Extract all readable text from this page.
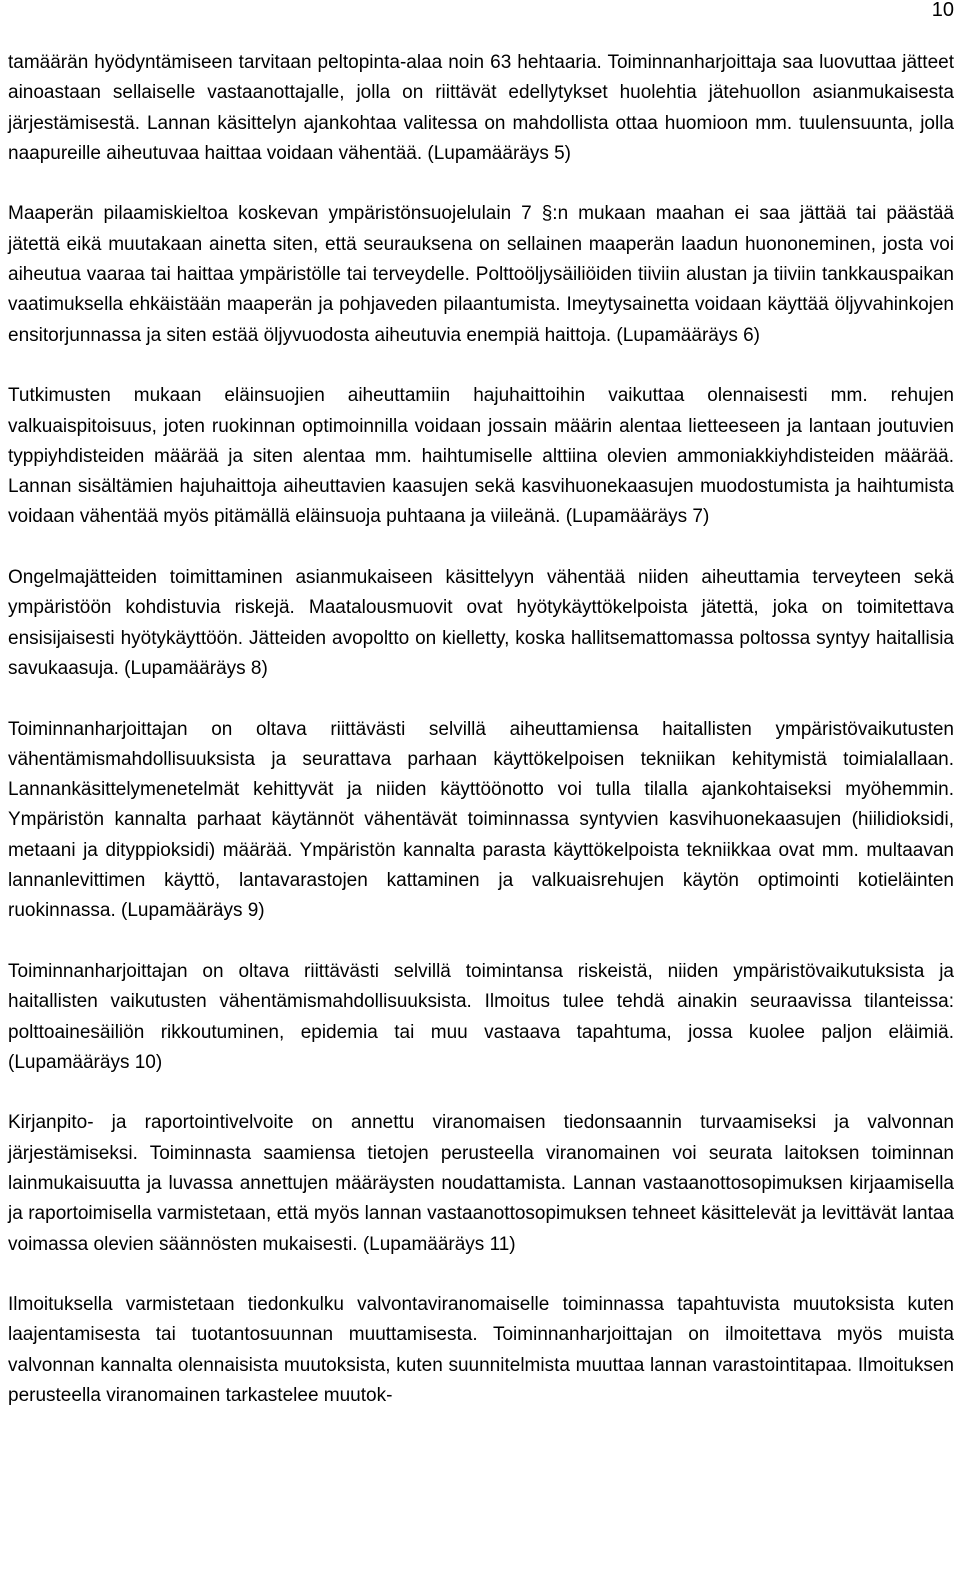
10

tamäärän hyödyntämiseen tarvitaan peltopinta-alaa noin 63 hehtaaria. Toiminnanharjoittaja saa luovuttaa jätteet ainoastaan sellaiselle vastaanottajalle, jolla on riittävät edellytykset huolehtia jätehuollon asianmukaisesta järjestämisestä. Lannan käsittelyn ajankohtaa valitessa on mahdollista ottaa huomioon mm. tuulensuunta, jolla naapureille aiheutuvaa haittaa voidaan vähentää. (Lupamääräys 5)

Maaperän pilaamiskieltoa koskevan ympäristönsuojelulain 7 §:n mukaan maahan ei saa jättää tai päästää jätettä eikä muutakaan ainetta siten, että seurauksena on sellainen maaperän laadun huononeminen, josta voi aiheutua vaaraa tai haittaa ympäristölle tai terveydelle. Polttoöljysäiliöiden tiiviin alustan ja tiiviin tankkauspaikan vaatimuksella ehkäistään maaperän ja pohjaveden pilaantumista. Imeytysainetta voidaan käyttää öljyvahinkojen ensitorjunnassa ja siten estää öljyvuodosta aiheutuvia enempiä haittoja. (Lupamääräys 6)

Tutkimusten mukaan eläinsuojien aiheuttamiin hajuhaittoihin vaikuttaa olennaisesti mm. rehujen valkuaispitoisuus, joten ruokinnan optimoinnilla voidaan jossain määrin alentaa lietteeseen ja lantaan joutuvien typpiyhdisteiden määrää ja siten alentaa mm. haihtumiselle alttiina olevien ammoniakkiyhdisteiden määrää. Lannan sisältämien hajuhaittoja aiheuttavien kaasujen sekä kasvihuonekaasujen muodostumista ja haihtumista voidaan vähentää myös pitämällä eläinsuoja puhtaana ja viileänä. (Lupamääräys 7)

Ongelmajätteiden toimittaminen asianmukaiseen käsittelyyn vähentää niiden aiheuttamia terveyteen sekä ympäristöön kohdistuvia riskejä. Maatalousmuovit ovat hyötykäyttökelpoista jätettä, joka on toimitettava ensisijaisesti hyötykäyttöön. Jätteiden avopoltto on kielletty, koska hallitsemattomassa poltossa syntyy haitallisia savukaasuja. (Lupamääräys 8)

Toiminnanharjoittajan on oltava riittävästi selvillä aiheuttamiensa haitallisten ympäristövaikutusten vähentämismahdollisuuksista ja seurattava parhaan käyttökelpoisen tekniikan kehitymistä toimialallaan. Lannankäsittelymenetelmät kehittyvät ja niiden käyttöönotto voi tulla tilalla ajankohtaiseksi myöhemmin. Ympäristön kannalta parhaat käytännöt vähentävät toiminnassa syntyvien kasvihuonekaasujen (hiilidioksidi, metaani ja dityppioksidi) määrää. Ympäristön kannalta parasta käyttökelpoista tekniikkaa ovat mm. multaavan lannanlevittimen käyttö, lantavarastojen kattaminen ja valkuaisrehujen käytön optimointi kotieläinten ruokinnassa. (Lupamääräys 9)

Toiminnanharjoittajan on oltava riittävästi selvillä toimintansa riskeistä, niiden ympäristövaikutuksista ja haitallisten vaikutusten vähentämismahdollisuuksista. Ilmoitus tulee tehdä ainakin seuraavissa tilanteissa: polttoainesäiliön rikkoutuminen, epidemia tai muu vastaava tapahtuma, jossa kuolee paljon eläimiä. (Lupamääräys 10)

Kirjanpito- ja raportointivelvoite on annettu viranomaisen tiedonsaannin turvaamiseksi ja valvonnan järjestämiseksi. Toiminnasta saamiensa tietojen perusteella viranomainen voi seurata laitoksen toiminnan lainmukaisuutta ja luvassa annettujen määräysten noudattamista. Lannan vastaanottosopimuksen kirjaamisella ja raportoimisella varmistetaan, että myös lannan vastaanottosopimuksen tehneet käsittelevät ja levittävät lantaa voimassa olevien säännösten mukaisesti. (Lupamääräys 11)

Ilmoituksella varmistetaan tiedonkulku valvontaviranomaiselle toiminnassa tapahtuvista muutoksista kuten laajentamisesta tai tuotantosuunnan muuttamisesta. Toiminnanharjoittajan on ilmoitettava myös muista valvonnan kannalta olennaisista muutoksista, kuten suunnitelmista muuttaa lannan varastointitapaa. Ilmoituksen perusteella viranomainen tarkastelee muutok-
